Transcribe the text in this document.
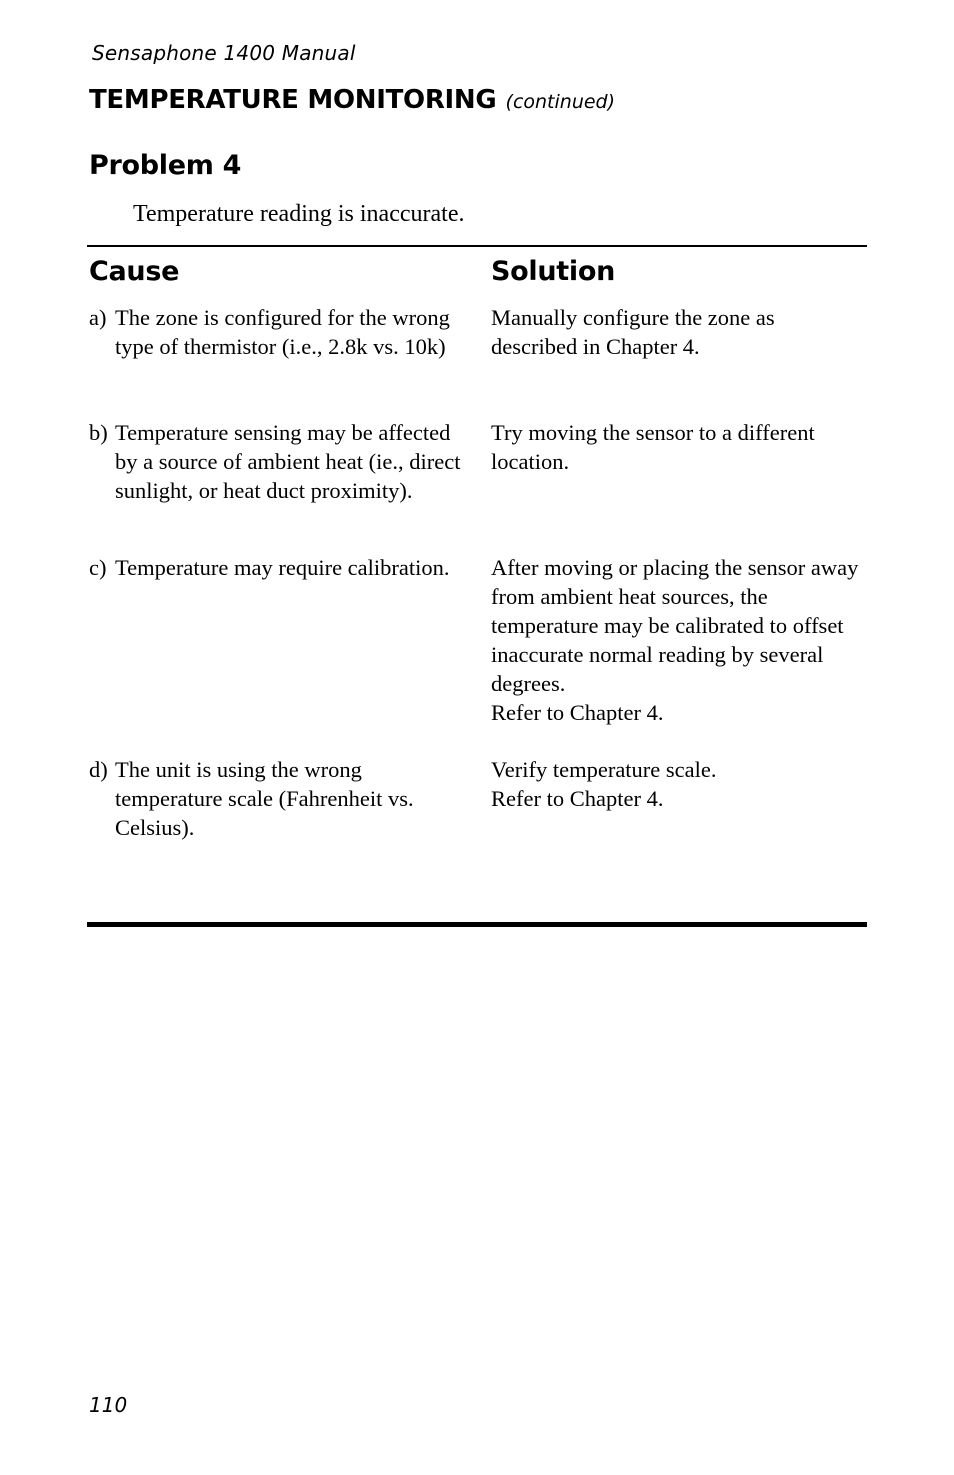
Sensaphone 1400 Manual
TEMPERATURE MONITORING (continued)
Problem 4
Temperature reading is inaccurate.
Cause	Solution
a) The zone is configured for the wrong type of thermistor (i.e., 2.8k vs. 10k)
Manually configure the zone as described in Chapter 4.
b) Temperature sensing may be affected by a source of ambient heat (ie., direct sunlight, or heat duct proximity).
Try moving the sensor to a different location.
c) Temperature may require calibration.	After moving or placing the sensor away from ambient heat sources, the temperature may be calibrated to offset inaccurate normal reading by several degrees.
Refer to Chapter 4.
d) The unit is using the wrong temperature scale (Fahrenheit vs. Celsius).
Verify temperature scale.
Refer to Chapter 4.
110
